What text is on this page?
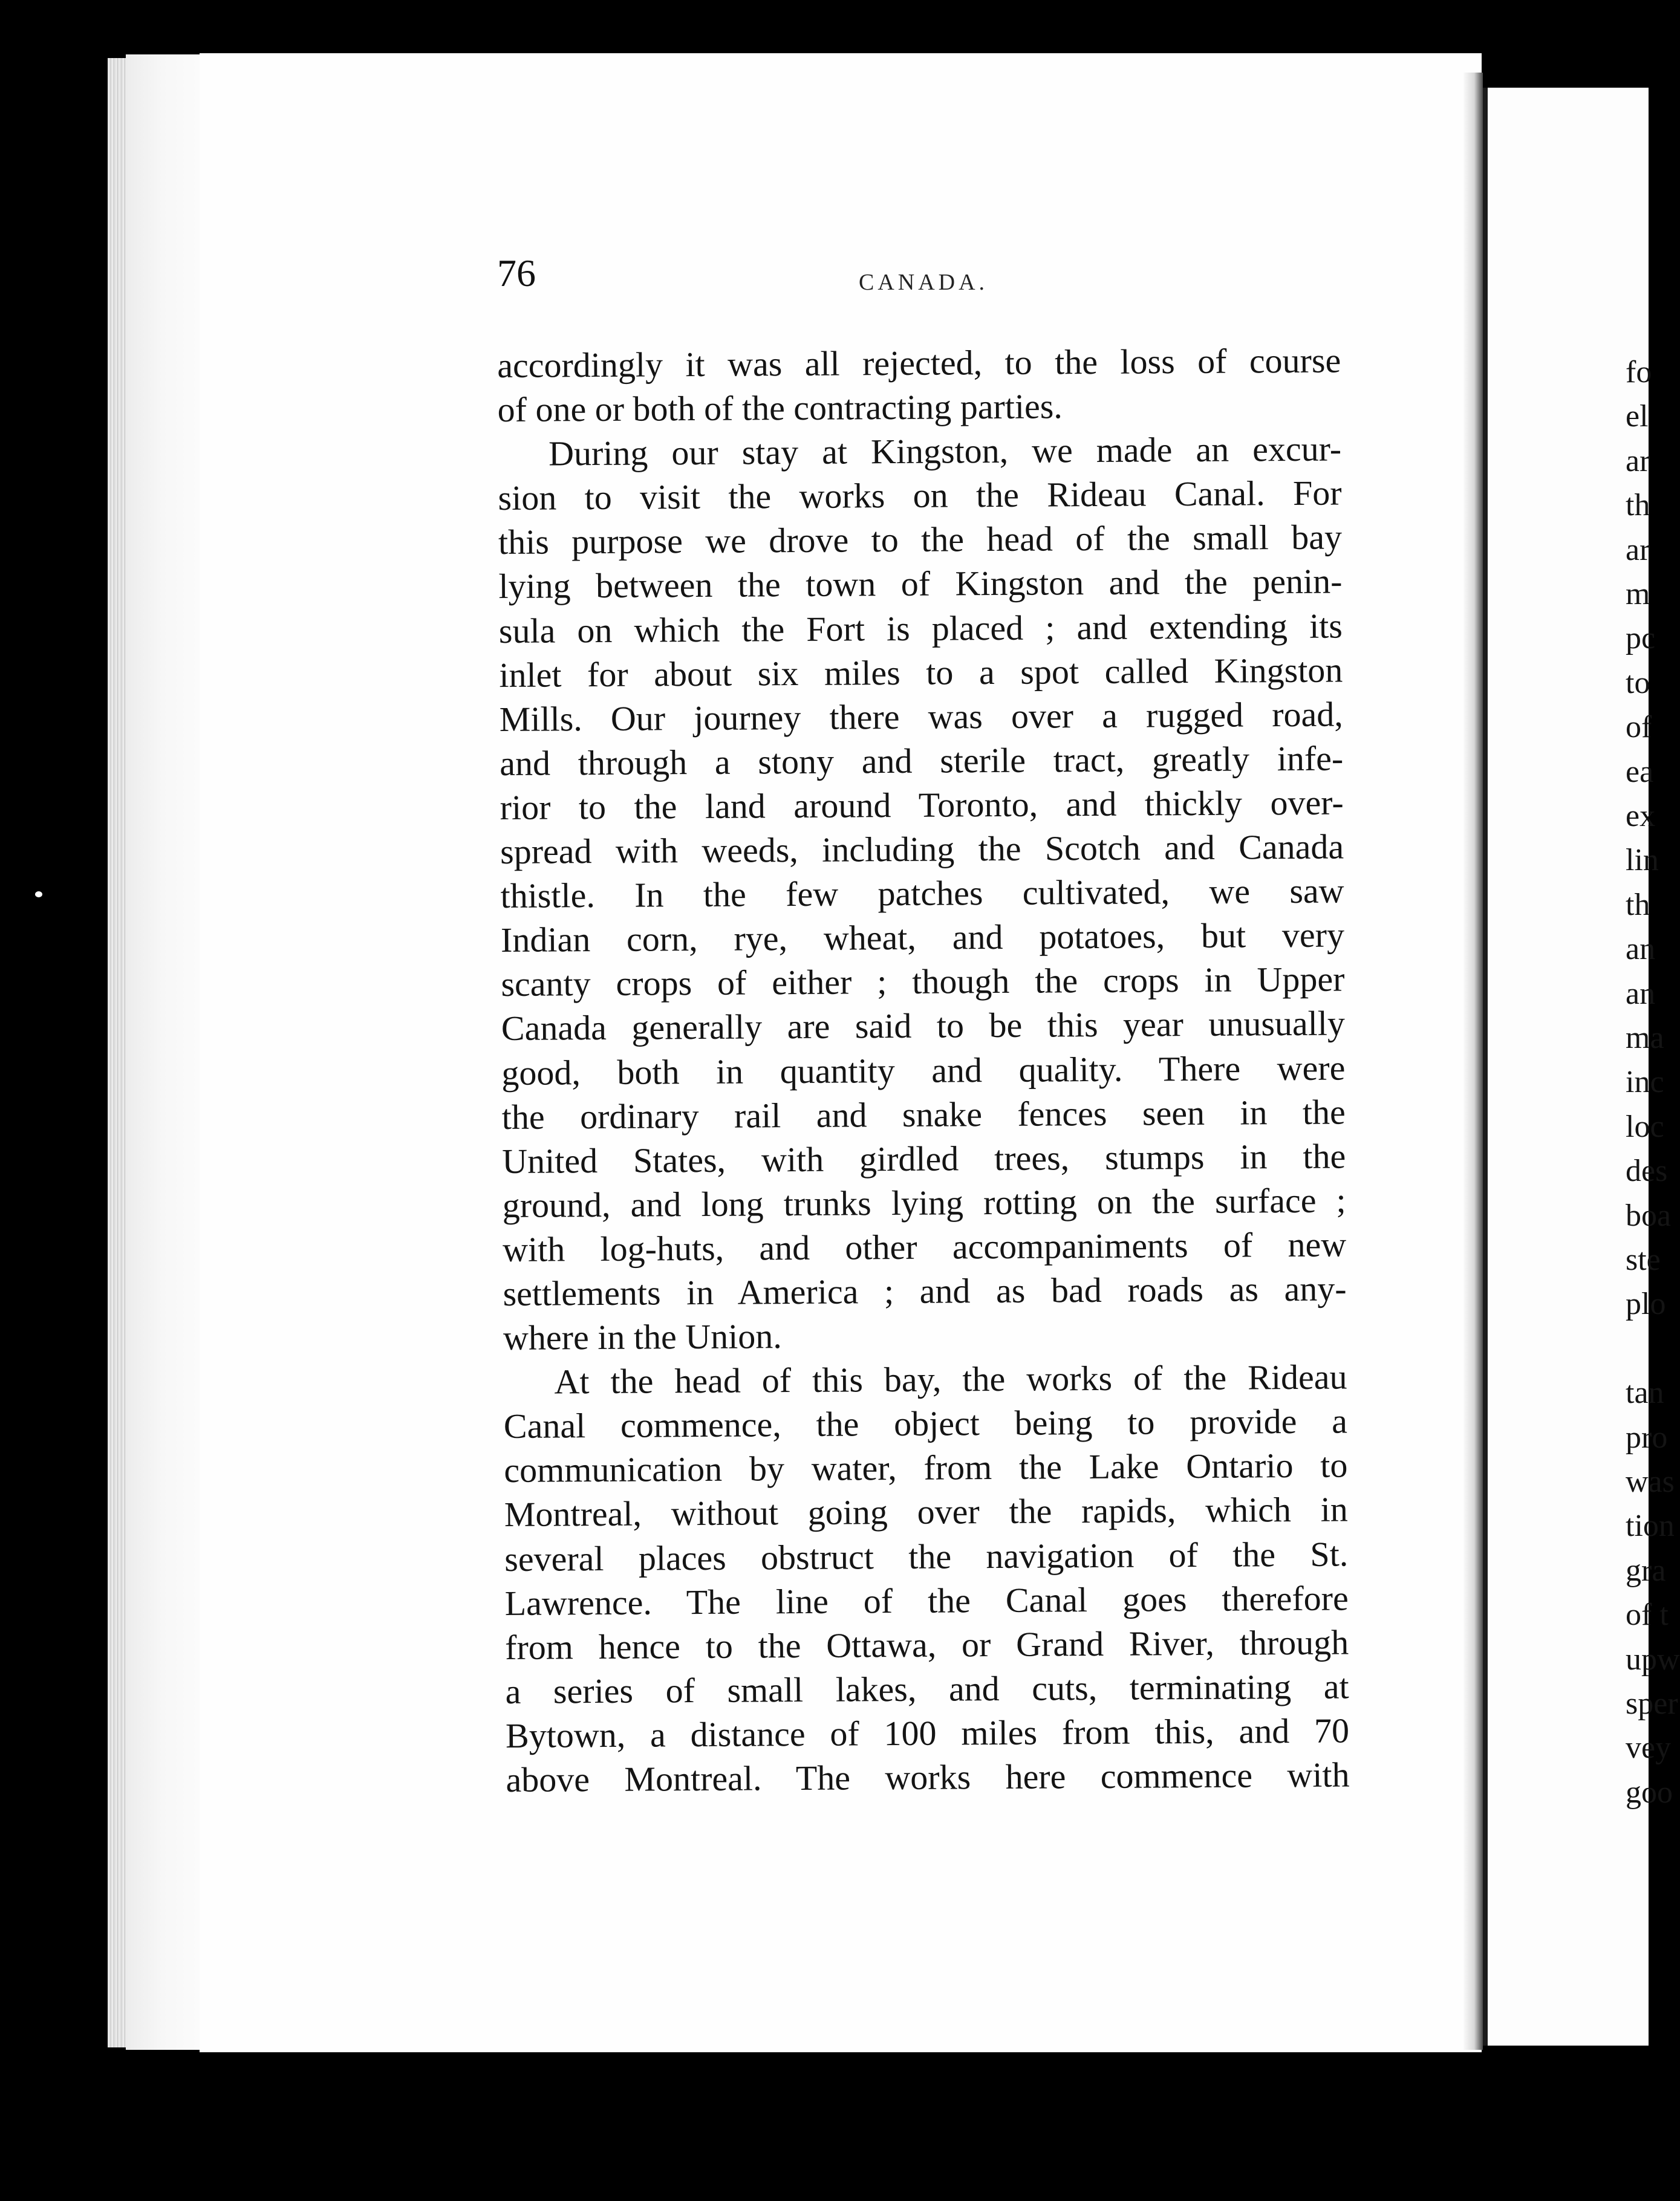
76	CANADA.
accordingly it was all rejected, to the loss of course
of one or both of the contracting parties.
During our stay at Kingston, we made an excur-
sion to visit the works on the Rideau Canal. For
this purpose we drove to the head of the small bay
lying between the town of Kingston and the penin-
sula on which the Fort is placed ; and extending its
inlet for about six miles to a spot called Kingston
Mills. Our journey there was over a rugged road,
and through a stony and sterile tract, greatly infe-
rior to the land around Toronto, and thickly over-
spread with weeds, including the Scotch and Canada
thistle. In the few patches cultivated, we saw
Indian corn, rye, wheat, and potatoes, but very
scanty crops of either ; though the crops in Upper
Canada generally are said to be this year unusually
good, both in quantity and quality. There were
the ordinary rail and snake fences seen in the
United States, with girdled trees, stumps in the
ground, and long trunks lying rotting on the surface ;
with log-huts, and other accompaniments of new
settlements in America ; and as bad roads as any-
where in the Union.
At the head of this bay, the works of the Rideau
Canal commence, the object being to provide a
communication by water, from the Lake Ontario to
Montreal, without going over the rapids, which in
several places obstruct the navigation of the St.
Lawrence. The line of the Canal goes therefore
from hence to the Ottawa, or Grand River, through
a series of small lakes, and cuts, terminating at
Bytown, a distance of 100 miles from this, and 70
above Montreal. The works here commence with
fo
el
ar
th
ar
m
pc
to
of
ea
ex
lin
th
an
an
ma
inc
loc
des
boa
ste
plo
tan
pro
was
tion
gra
of t
upw
sper
vey
goo
